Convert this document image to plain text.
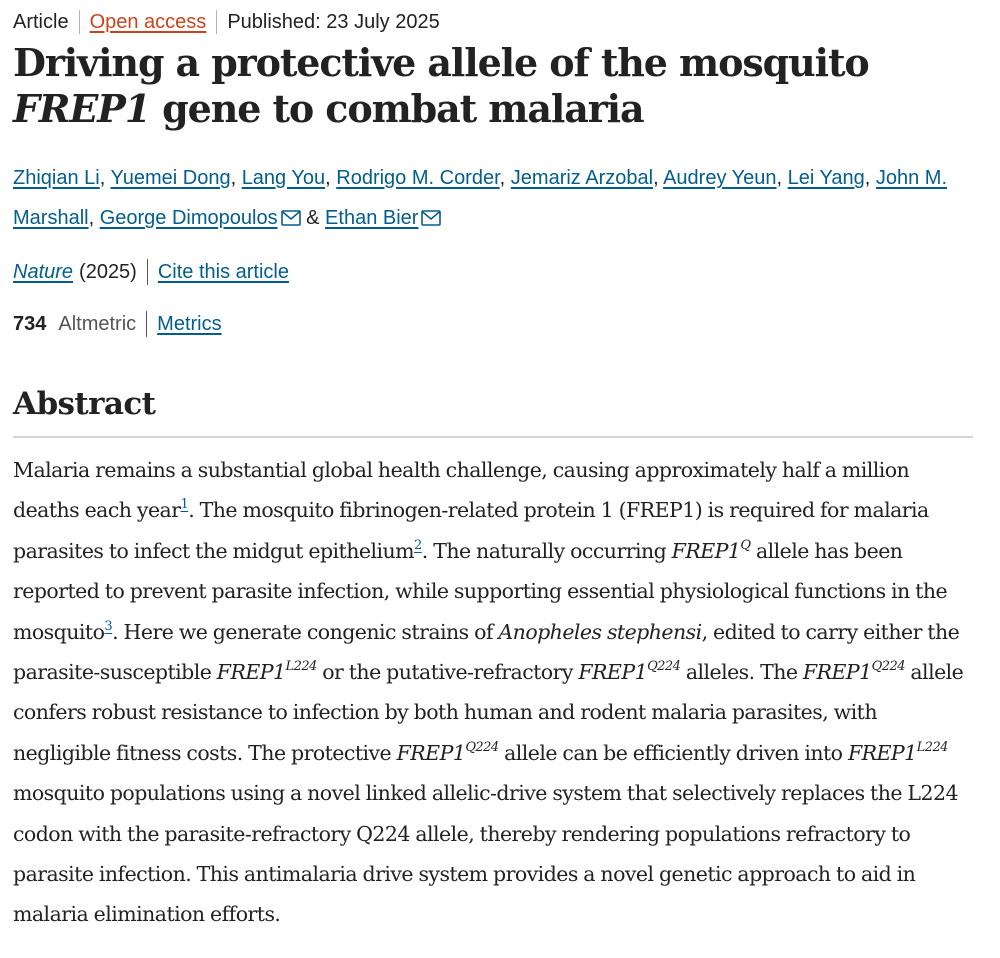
Article Open access Published: 23 July 2025
Driving a protective allele of the mosquito FREP1 gene to combat malaria
Zhiqian Li, Yuemei Dong, Lang You, Rodrigo M. Corder, Jemariz Arzobal, Audrey Yeun, Lei Yang, John M. Marshall, George Dimopoulos & Ethan Bier
Nature (2025) Cite this article
734 Altmetric Metrics
Abstract

Malaria remains a substantial global health challenge, causing approximately half a million deaths each year$^1$. The mosquito fibrinogen-related protein 1 (FREP1) is required for malaria parasites to infect the midgut epithelium$^2$. The naturally occurring $FREP1^Q$ allele has been reported to prevent parasite infection, while supporting essential physiological functions in the mosquito$^3$. Here we generate congenic strains of Anopheles stephensi, edited to carry either the parasite-susceptible $FREP1^{L224}$ or the putative-refractory $FREP1^{Q224}$ alleles. The $FREP1^{Q224}$ allele confers robust resistance to infection by both human and rodent malaria parasites, with negligible fitness costs. The protective $FREP1^{Q224}$ allele can be efficiently driven into $FREP1^{L224}$ mosquito populations using a novel linked allelic-drive system that selectively replaces the L224 codon with the parasite-refractory Q224 allele, thereby rendering populations refractory to parasite infection. This antimalaria drive system provides a novel genetic approach to aid in malaria elimination efforts.
